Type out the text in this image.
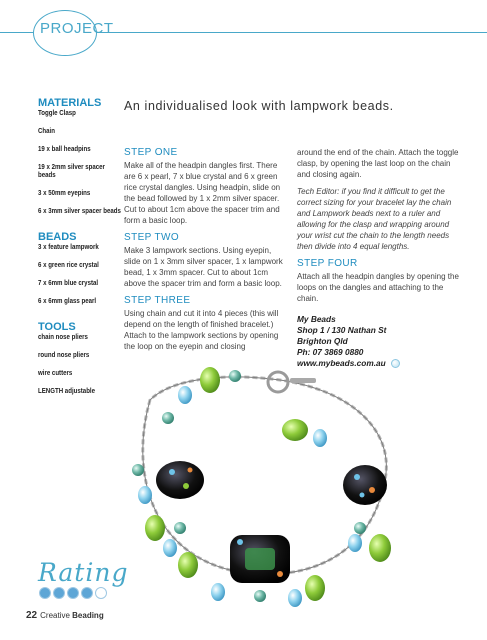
PROJECT
MATERIALS
Toggle Clasp
Chain
19 x ball headpins
19 x 2mm silver spacer beads
3 x 50mm eyepins
6 x 3mm silver spacer beads
BEADS
3 x feature lampwork
6 x green rice crystal
7 x 6mm blue crystal
6 x 6mm glass pearl
TOOLS
chain nose pliers
round nose pliers
wire cutters
LENGTH adjustable
An individualised look with lampwork beads.
STEP ONE
Make all of the headpin dangles first. There are 6 x pearl, 7 x blue crystal and 6 x green rice crystal dangles. Using headpin, slide on the bead followed by 1 x 2mm silver spacer. Cut to about 1cm above the spacer trim and form a basic loop.
STEP TWO
Make 3 lampwork sections. Using eyepin, slide on 1 x 3mm silver spacer, 1 x lampwork bead, 1 x 3mm spacer. Cut to about 1cm above the spacer trim and form a basic loop.
STEP THREE
Using chain and cut it into 4 pieces (this will depend on the length of finished bracelet.) Attach to the lampwork sections by opening the loop on the eyepin and closing
around the end of the chain. Attach the toggle clasp, by opening the last loop on the chain and closing again.
Tech Editor: if you find it difficult to get the correct sizing for your bracelet lay the chain and Lampwork beads next to a ruler and allowing for the clasp and wrapping around your wrist cut the chain to the length needs then divide into 4 equal lengths.
STEP FOUR
Attach all the headpin dangles by opening the loops on the dangles and attaching to the chain.
My Beads
Shop 1 / 130 Nathan St
Brighton Qld
Ph: 07 3869 0880
www.mybeads.com.au
Rating
22 Creative Beading
